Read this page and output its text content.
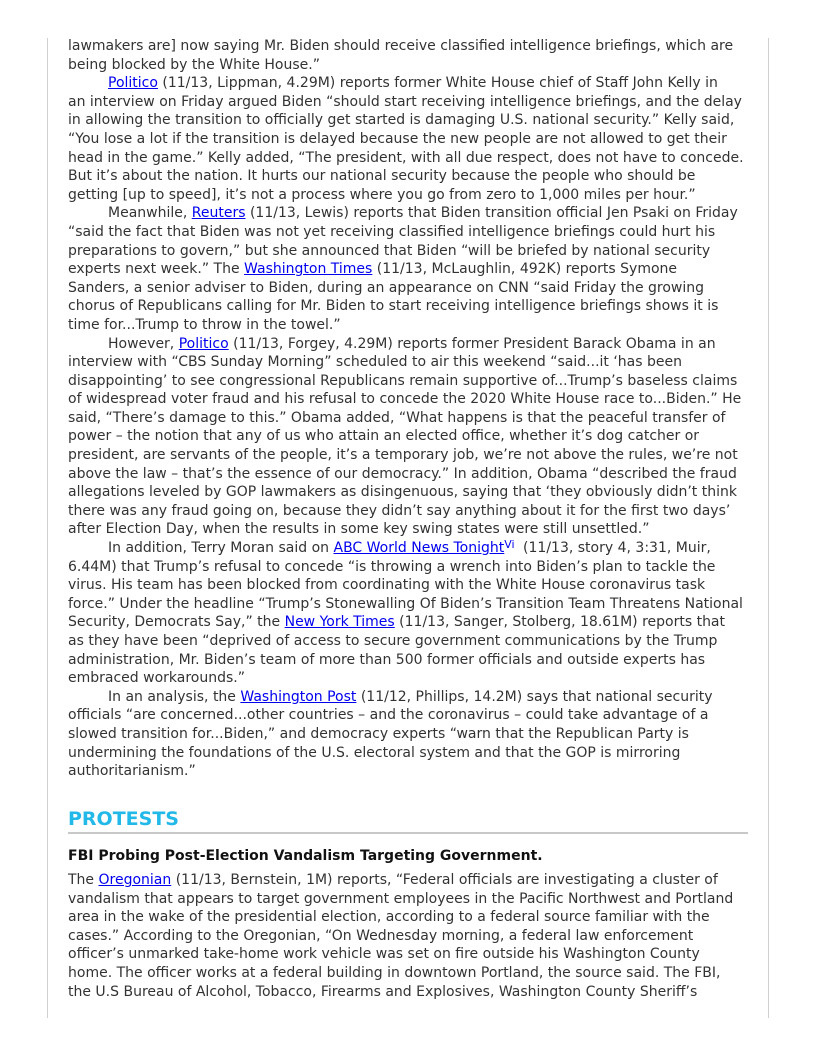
lawmakers are] now saying Mr. Biden should receive classified intelligence briefings, which are
being blocked by the White House.”
Politico (11/13, Lippman, 4.29M) reports former White House chief of Staff John Kelly in
an interview on Friday argued Biden “should start receiving intelligence briefings, and the delay
in allowing the transition to officially get started is damaging U.S. national security.” Kelly said,
“You lose a lot if the transition is delayed because the new people are not allowed to get their
head in the game.” Kelly added, “The president, with all due respect, does not have to concede.
But it’s about the nation. It hurts our national security because the people who should be
getting [up to speed], it’s not a process where you go from zero to 1,000 miles per hour.”
Meanwhile, Reuters (11/13, Lewis) reports that Biden transition official Jen Psaki on Friday
“said the fact that Biden was not yet receiving classified intelligence briefings could hurt his
preparations to govern,” but she announced that Biden “will be briefed by national security
experts next week.” The Washington Times (11/13, McLaughlin, 492K) reports Symone
Sanders, a senior adviser to Biden, during an appearance on CNN “said Friday the growing
chorus of Republicans calling for Mr. Biden to start receiving intelligence briefings shows it is
time for...Trump to throw in the towel.”
However, Politico (11/13, Forgey, 4.29M) reports former President Barack Obama in an
interview with “CBS Sunday Morning” scheduled to air this weekend “said...it ‘has been
disappointing’ to see congressional Republicans remain supportive of...Trump’s baseless claims
of widespread voter fraud and his refusal to concede the 2020 White House race to...Biden.” He
said, “There’s damage to this.” Obama added, “What happens is that the peaceful transfer of
power – the notion that any of us who attain an elected office, whether it’s dog catcher or
president, are servants of the people, it’s a temporary job, we’re not above the rules, we’re not
above the law – that’s the essence of our democracy.” In addition, Obama “described the fraud
allegations leveled by GOP lawmakers as disingenuous, saying that ‘they obviously didn’t think
there was any fraud going on, because they didn’t say anything about it for the first two days’
after Election Day, when the results in some key swing states were still unsettled.”
In addition, Terry Moran said on ABC World News Tonight$^{Vi}$ (11/13, story 4, 3:31, Muir,
6.44M) that Trump’s refusal to concede “is throwing a wrench into Biden’s plan to tackle the
virus. His team has been blocked from coordinating with the White House coronavirus task
force.” Under the headline “Trump’s Stonewalling Of Biden’s Transition Team Threatens National
Security, Democrats Say,” the New York Times (11/13, Sanger, Stolberg, 18.61M) reports that
as they have been “deprived of access to secure government communications by the Trump
administration, Mr. Biden’s team of more than 500 former officials and outside experts has
embraced workarounds.”
In an analysis, the Washington Post (11/12, Phillips, 14.2M) says that national security
officials “are concerned...other countries – and the coronavirus – could take advantage of a
slowed transition for...Biden,” and democracy experts “warn that the Republican Party is
undermining the foundations of the U.S. electoral system and that the GOP is mirroring
authoritarianism.”
PROTESTS
FBI Probing Post-Election Vandalism Targeting Government.
The Oregonian (11/13, Bernstein, 1M) reports, “Federal officials are investigating a cluster of
vandalism that appears to target government employees in the Pacific Northwest and Portland
area in the wake of the presidential election, according to a federal source familiar with the
cases.” According to the Oregonian, “On Wednesday morning, a federal law enforcement
officer’s unmarked take-home work vehicle was set on fire outside his Washington County
home. The officer works at a federal building in downtown Portland, the source said. The FBI,
the U.S Bureau of Alcohol, Tobacco, Firearms and Explosives, Washington County Sheriff’s
